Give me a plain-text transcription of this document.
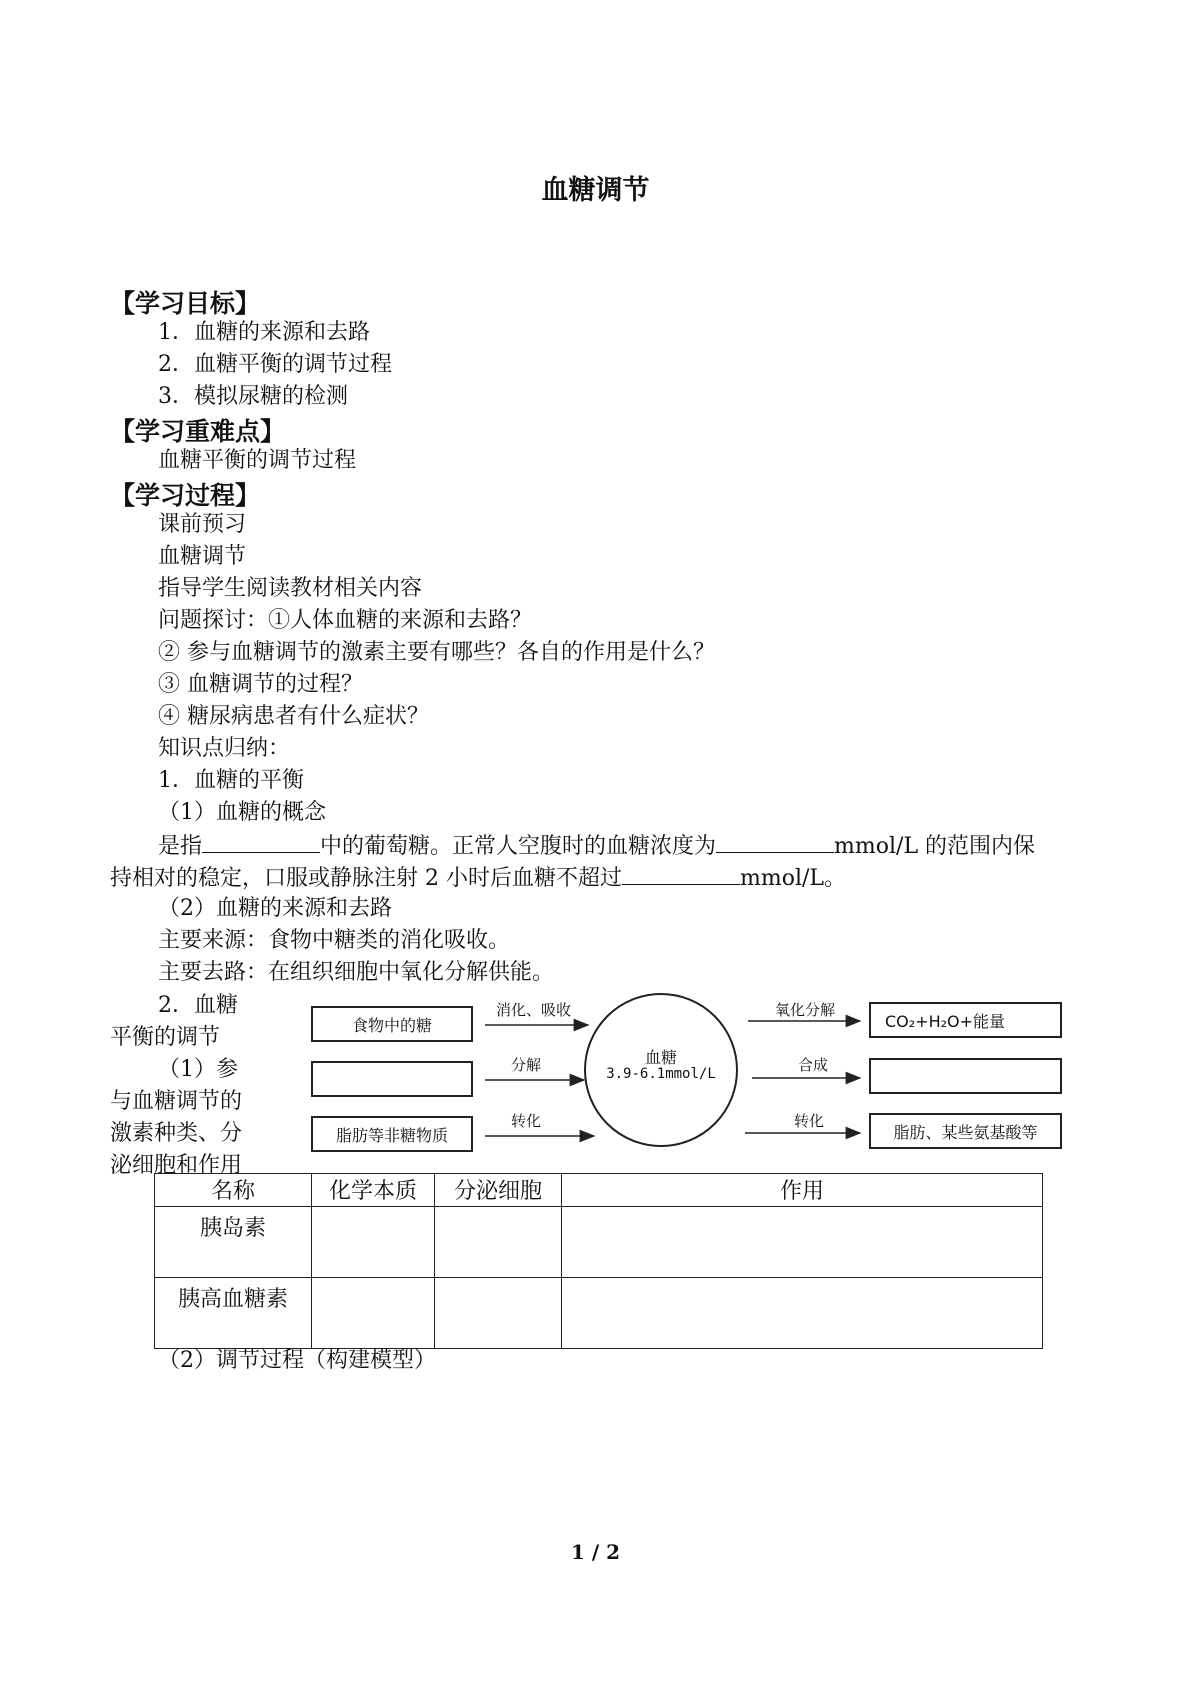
血糖调节
【学习目标】
1．血糖的来源和去路
2．血糖平衡的调节过程
3．模拟尿糖的检测
【学习重难点】
血糖平衡的调节过程
【学习过程】
课前预习
血糖调节
指导学生阅读教材相关内容
问题探讨：①人体血糖的来源和去路？
② 参与血糖调节的激素主要有哪些？各自的作用是什么？
③ 血糖调节的过程？
④ 糖尿病患者有什么症状？
知识点归纳：
1．血糖的平衡
（1）血糖的概念
是指	中的葡萄糖。正常人空腹时的血糖浓度为	mmol/L 的范围内保
持相对的稳定，口服或静脉注射 2 小时后血糖不超过	mmol/L。
（2）血糖的来源和去路
主要来源：食物中糖类的消化吸收。
主要去路：在组织细胞中氧化分解供能。
2．血糖
平衡的调节
（1）参
与血糖调节的
激素种类、分
泌细胞和作用
食物中的糖
脂肪等非糖物质
消化、吸收
分解
转化
血糖
3.9-6.1mmol/L
氧化分解
合成
转化
CO₂+H₂O+能量
脂肪、某些氨基酸等
名称	化学本质	分泌细胞	作用
胰岛素			
胰高血糖素			
（2）调节过程（构建模型）
1 / 2
